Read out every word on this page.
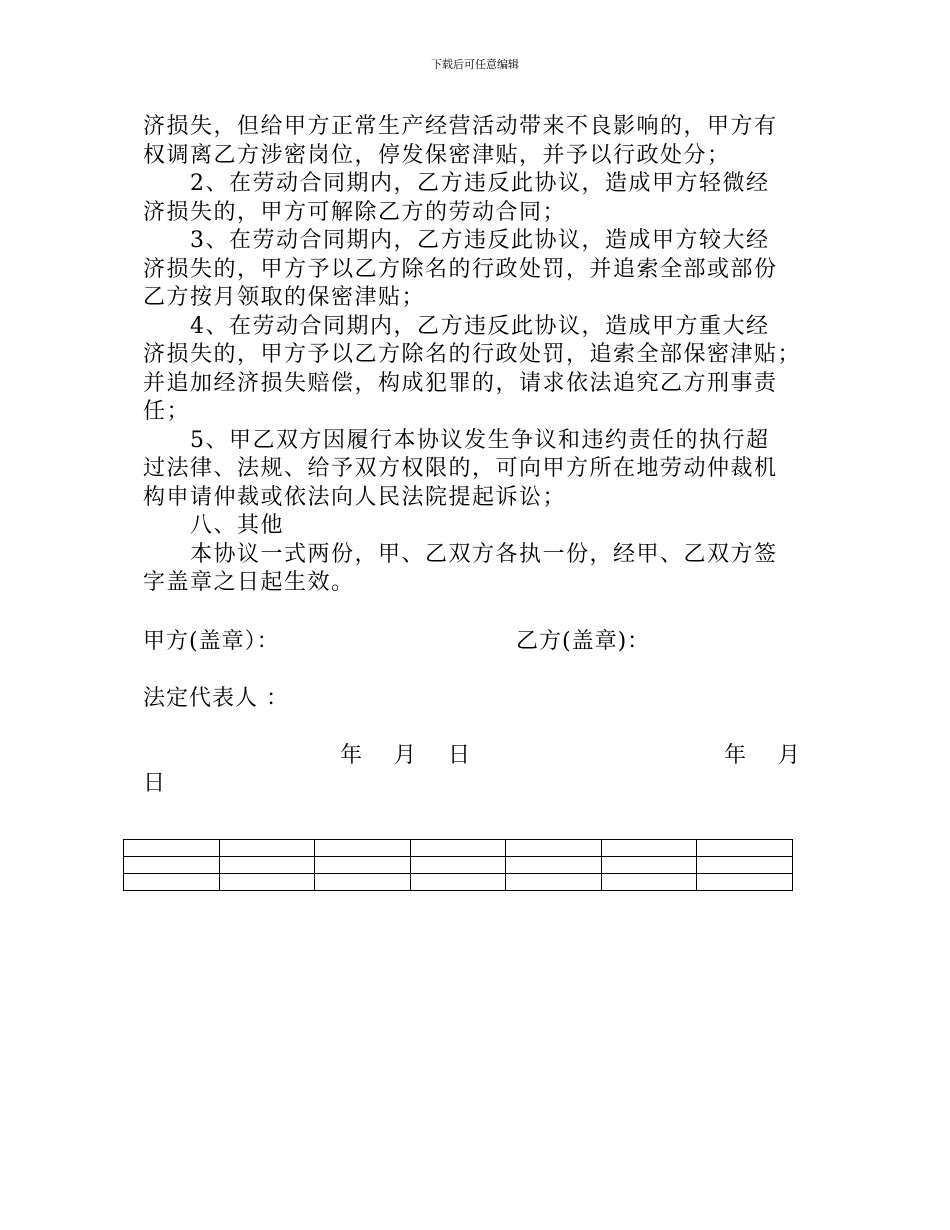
下载后可任意编辑

济损失，但给甲方正常生产经营活动带来不良影响的，甲方有

权调离乙方涉密岗位，停发保密津贴，并予以行政处分；

2、在劳动合同期内，乙方违反此协议，造成甲方轻微经

济损失的，甲方可解除乙方的劳动合同；

3、在劳动合同期内，乙方违反此协议，造成甲方较大经

济损失的，甲方予以乙方除名的行政处罚，并追索全部或部份

乙方按月领取的保密津贴；

4、在劳动合同期内，乙方违反此协议，造成甲方重大经

济损失的，甲方予以乙方除名的行政处罚，追索全部保密津贴；

并追加经济损失赔偿，构成犯罪的，请求依法追究乙方刑事责

任；

5、甲乙双方因履行本协议发生争议和违约责任的执行超

过法律、法规、给予双方权限的，可向甲方所在地劳动仲裁机

构申请仲裁或依法向人民法院提起诉讼；

八、其他

本协议一式两份，甲、乙双方各执一份，经甲、乙双方签

字盖章之日起生效。

甲方(盖章）：	乙方(盖章)：
法定代表人 ：
年　 月　 日	年　 月
日
